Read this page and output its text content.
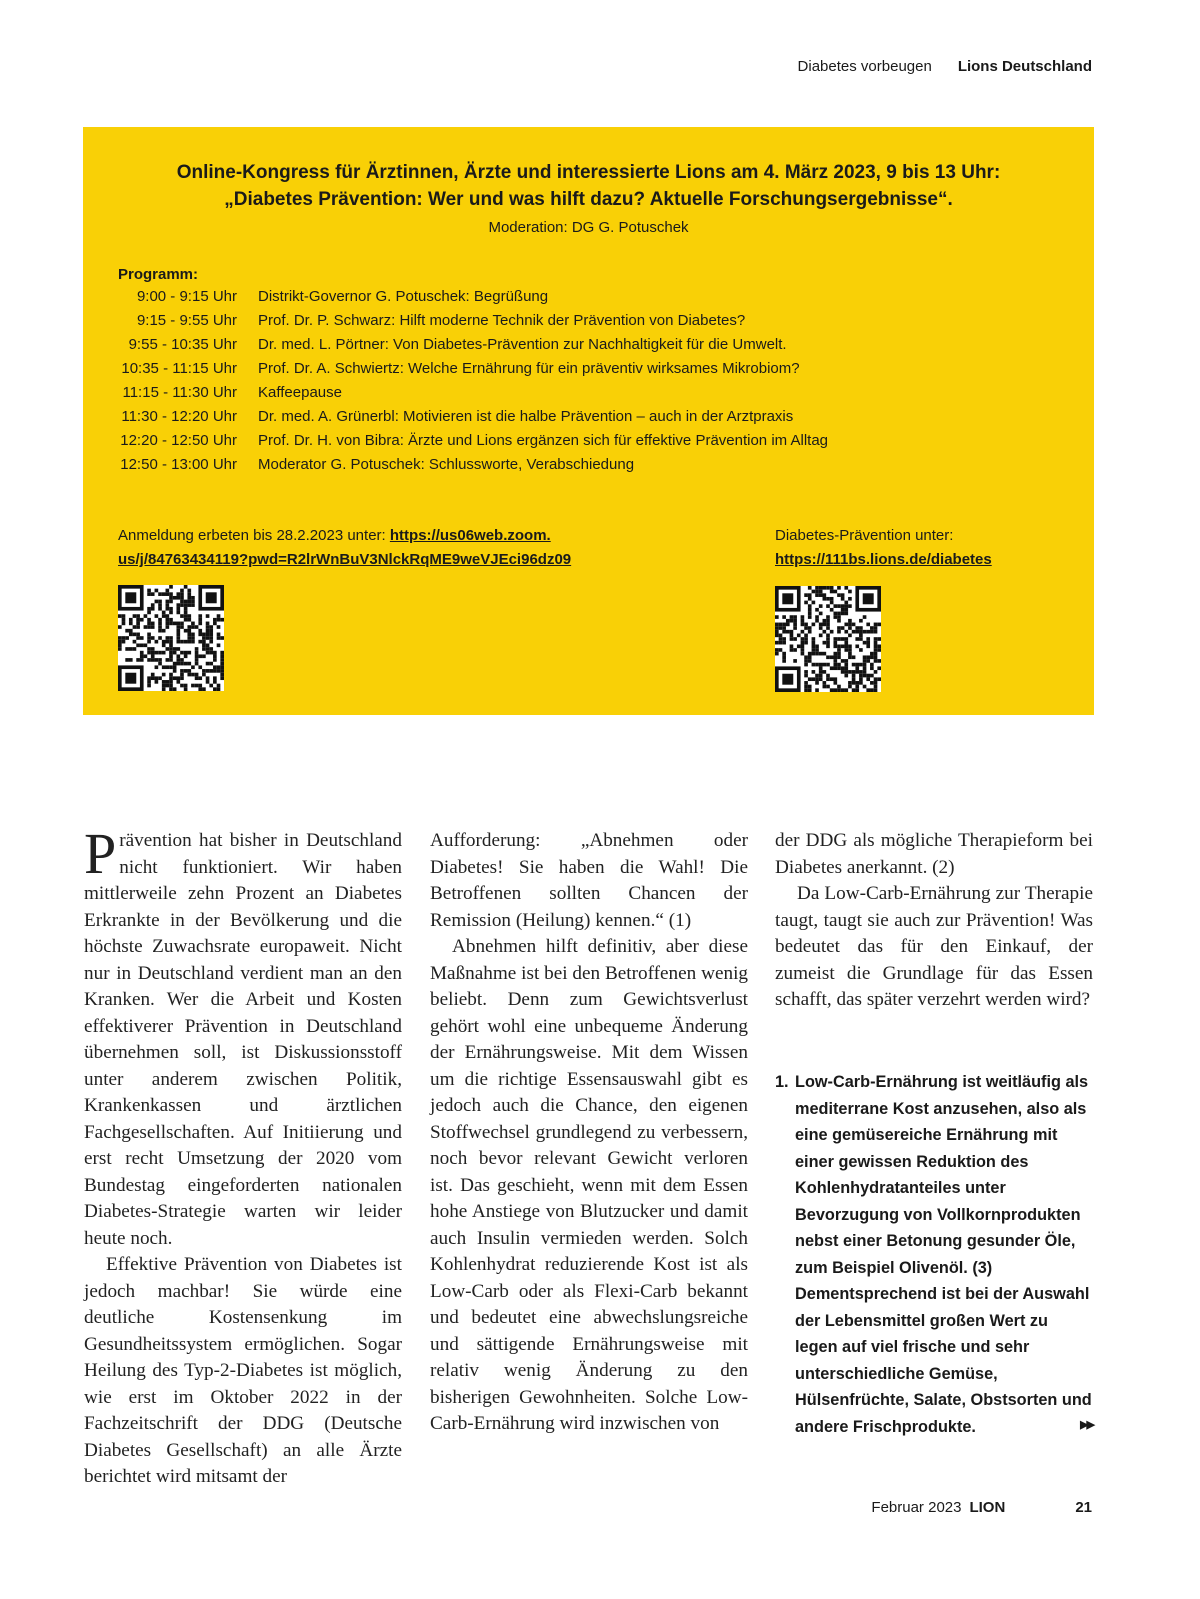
Diabetes vorbeugen Lions Deutschland
Online-Kongress für Ärztinnen, Ärzte und interessierte Lions am 4. März 2023, 9 bis 13 Uhr:
„Diabetes Prävention: Wer und was hilft dazu? Aktuelle Forschungsergebnisse“.
Moderation: DG G. Potuschek
Programm:
9:00 - 9:15 Uhr Distrikt-Governor G. Potuschek: Begrüßung
9:15 - 9:55 Uhr Prof. Dr. P. Schwarz: Hilft moderne Technik der Prävention von Diabetes?
9:55 - 10:35 Uhr Dr. med. L. Pörtner: Von Diabetes-Prävention zur Nachhaltigkeit für die Umwelt.
10:35 - 11:15 Uhr Prof. Dr. A. Schwiertz: Welche Ernährung für ein präventiv wirksames Mikrobiom?
11:15 - 11:30 Uhr Kaffeepause
11:30 - 12:20 Uhr Dr. med. A. Grünerbl: Motivieren ist die halbe Prävention – auch in der Arztpraxis
12:20 - 12:50 Uhr Prof. Dr. H. von Bibra: Ärzte und Lions ergänzen sich für effektive Prävention im Alltag
12:50 - 13:00 Uhr Moderator G. Potuschek: Schlussworte, Verabschiedung
Anmeldung erbeten bis 28.2.2023 unter: https://us06web.zoom.
us/j/84763434119?pwd=R2lrWnBuV3NlckRqME9weVJEci96dz09
Diabetes-Prävention unter:
https://111bs.lions.de/diabetes

Prävention hat bisher in Deutschland nicht funktioniert. Wir haben mittlerweile zehn Prozent an Diabetes Erkrankte in der Bevölkerung und die höchste Zuwachsrate europaweit. Nicht nur in Deutschland verdient man an den Kranken. Wer die Arbeit und Kosten effektiverer Prävention in Deutschland übernehmen soll, ist Diskussionsstoff unter anderem zwischen Politik, Krankenkassen und ärztlichen Fachgesellschaften. Auf Initiierung und erst recht Umsetzung der 2020 vom Bundestag eingeforderten nationalen Diabetes-Strategie warten wir leider heute noch.

Effektive Prävention von Diabetes ist jedoch machbar! Sie würde eine deutliche Kostensenkung im Gesundheitssystem ermöglichen. Sogar Heilung des Typ-2-Diabetes ist möglich, wie erst im Oktober 2022 in der Fachzeitschrift der DDG (Deutsche Diabetes Gesellschaft) an alle Ärzte berichtet wird mitsamt der

Aufforderung: „Abnehmen oder Diabetes! Sie haben die Wahl! Die Betroffenen sollten Chancen der Remission (Heilung) kennen.“ (1)

Abnehmen hilft definitiv, aber diese Maßnahme ist bei den Betroffenen wenig beliebt. Denn zum Gewichtsverlust gehört wohl eine unbequeme Änderung der Ernährungsweise. Mit dem Wissen um die richtige Essensauswahl gibt es jedoch auch die Chance, den eigenen Stoffwechsel grundlegend zu verbessern, noch bevor relevant Gewicht verloren ist. Das geschieht, wenn mit dem Essen hohe Anstiege von Blutzucker und damit auch Insulin vermieden werden. Solch Kohlenhydrat reduzierende Kost ist als Low-Carb oder als Flexi-Carb bekannt und bedeutet eine abwechslungsreiche und sättigende Ernährungsweise mit relativ wenig Änderung zu den bisherigen Gewohnheiten. Solche Low-Carb-Ernährung wird inzwischen von

der DDG als mögliche Therapieform bei Diabetes anerkannt. (2)

Da Low-Carb-Ernährung zur Therapie taugt, taugt sie auch zur Prävention! Was bedeutet das für den Einkauf, der zumeist die Grundlage für das Essen schafft, das später verzehrt werden wird?

1. Low-Carb-Ernährung ist weitläufig als mediterrane Kost anzusehen, also als eine gemüsereiche Ernährung mit einer gewissen Reduktion des Kohlenhydratanteiles unter Bevorzugung von Vollkornprodukten nebst einer Betonung gesunder Öle, zum Beispiel Olivenöl. (3) Dementsprechend ist bei der Auswahl der Lebensmittel großen Wert zu legen auf viel frische und sehr unterschiedliche Gemüse, Hülsenfrüchte, Salate, Obstsorten und andere Frischprodukte.	▶▶
Februar 2023 LION	21
